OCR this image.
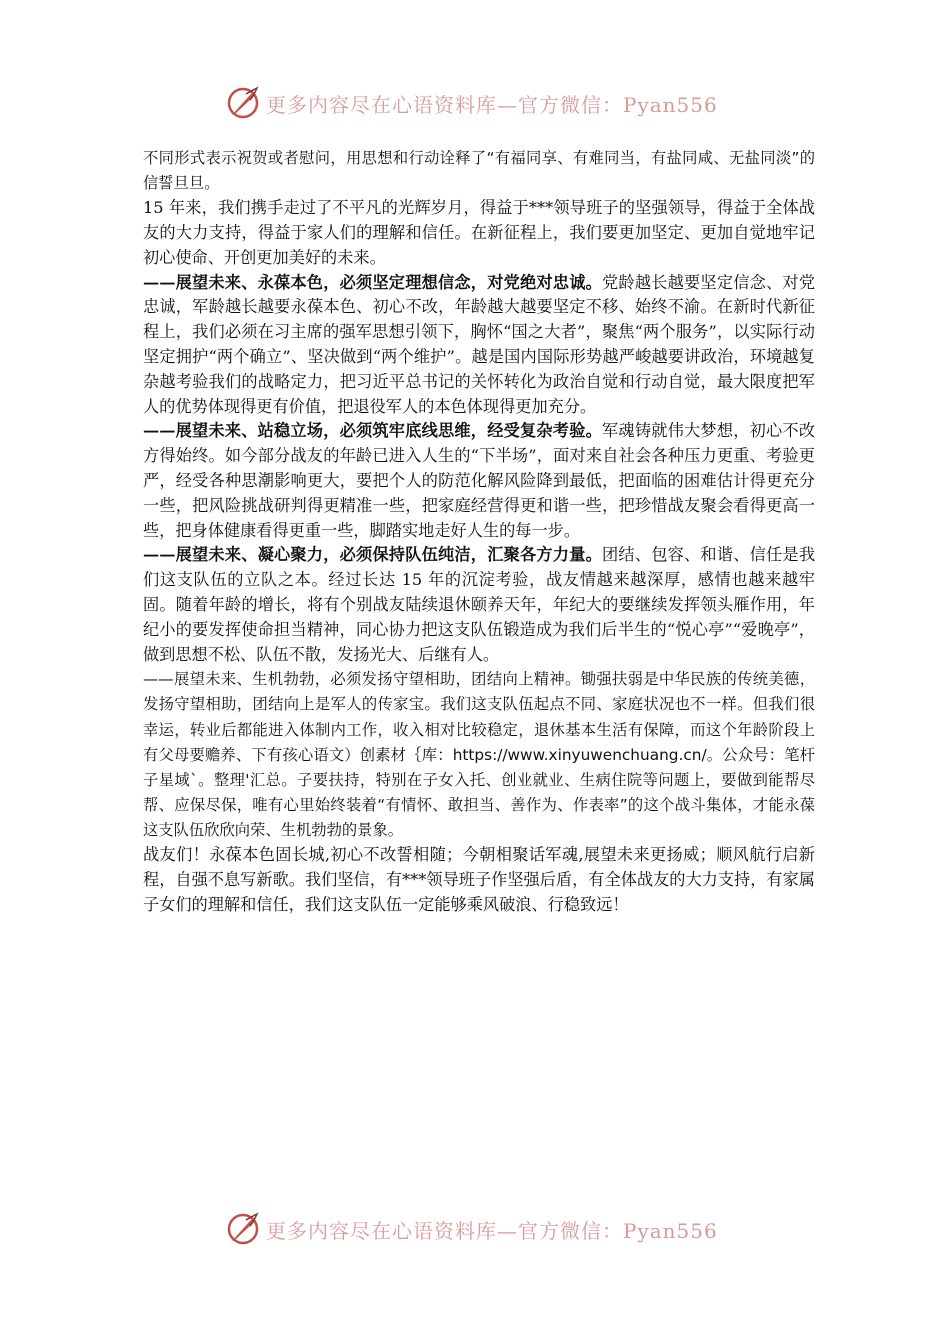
更多内容尽在心语资料库—官方微信：Pyan556

不同形式表示祝贺或者慰问，用思想和行动诠释了“有福同享、有难同当，有盐同咸、无盐同淡”的信誓旦旦。

15 年来，我们携手走过了不平凡的光辉岁月，得益于***领导班子的坚强领导，得益于全体战友的大力支持，得益于家人们的理解和信任。在新征程上，我们要更加坚定、更加自觉地牢记初心使命、开创更加美好的未来。

——展望未来、永葆本色，必须坚定理想信念，对党绝对忠诚。党龄越长越要坚定信念、对党忠诚，军龄越长越要永葆本色、初心不改，年龄越大越要坚定不移、始终不渝。在新时代新征程上，我们必须在习主席的强军思想引领下，胸怀“国之大者”，聚焦“两个服务”，以实际行动坚定拥护“两个确立”、坚决做到“两个维护”。越是国内国际形势越严峻越要讲政治，环境越复杂越考验我们的战略定力，把习近平总书记的关怀转化为政治自觉和行动自觉，最大限度把军人的优势体现得更有价值，把退役军人的本色体现得更加充分。

——展望未来、站稳立场，必须筑牢底线思维，经受复杂考验。军魂铸就伟大梦想，初心不改方得始终。如今部分战友的年龄已进入人生的“下半场”，面对来自社会各种压力更重、考验更严，经受各种思潮影响更大，要把个人的防范化解风险降到最低，把面临的困难估计得更充分一些，把风险挑战研判得更精准一些，把家庭经营得更和谐一些，把珍惜战友聚会看得更高一些，把身体健康看得更重一些，脚踏实地走好人生的每一步。

——展望未来、凝心聚力，必须保持队伍纯洁，汇聚各方力量。团结、包容、和谐、信任是我们这支队伍的立队之本。经过长达 15 年的沉淀考验，战友情越来越深厚，感情也越来越牢固。随着年龄的增长，将有个别战友陆续退休颐养天年，年纪大的要继续发挥领头雁作用，年纪小的要发挥使命担当精神，同心协力把这支队伍锻造成为我们后半生的“悦心亭”“爱晚亭”，做到思想不松、队伍不散，发扬光大、后继有人。

——展望未来、生机勃勃，必须发扬守望相助，团结向上精神。锄强扶弱是中华民族的传统美德，发扬守望相助，团结向上是军人的传家宝。我们这支队伍起点不同、家庭状况也不一样。但我们很幸运，转业后都能进入体制内工作，收入相对比较稳定，退休基本生活有保障，而这个年龄阶段上有父母要赡养、下有孩心语文）创素材｛库：https://www.xinyuwenchuang.cn/。公众号：笔杆子星域`。整理'汇总。子要扶持，特别在子女入托、创业就业、生病住院等问题上，要做到能帮尽帮、应保尽保，唯有心里始终装着“有情怀、敢担当、善作为、作表率”的这个战斗集体，才能永葆这支队伍欣欣向荣、生机勃勃的景象。

战友们！永葆本色固长城,初心不改誓相随；今朝相聚话军魂,展望未来更扬威；顺风航行启新程，自强不息写新歌。我们坚信，有***领导班子作坚强后盾，有全体战友的大力支持，有家属子女们的理解和信任，我们这支队伍一定能够乘风破浪、行稳致远！

更多内容尽在心语资料库—官方微信：Pyan556
